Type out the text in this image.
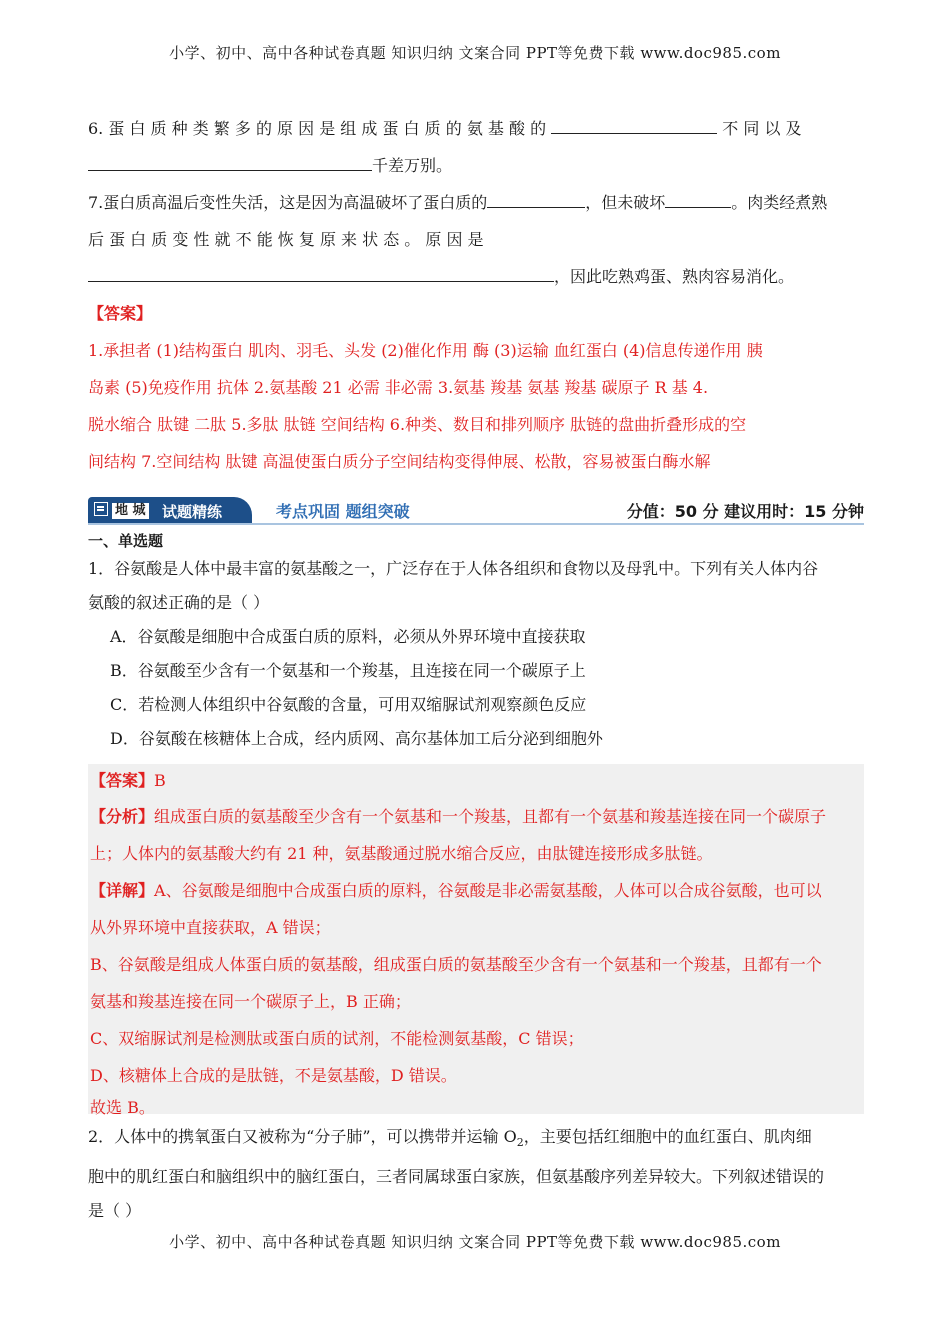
小学、初中、高中各种试卷真题 知识归纳 文案合同 PPT等免费下载 www.doc985.com
6. 蛋 白 质 种 类 繁 多 的 原 因 是 组 成 蛋 白 质 的 氨 基 酸 的	不 同 以 及
千差万别。
7.蛋白质高温后变性失活，这是因为高温破坏了蛋白质的	，但未破坏	。肉类经煮熟
后 蛋 白 质 变 性 就 不 能 恢 复 原 来 状 态 。 原 因 是
，因此吃熟鸡蛋、熟肉容易消化。
【答案】
1.承担者 (1)结构蛋白 肌肉、羽毛、头发 (2)催化作用 酶 (3)运输 血红蛋白 (4)信息传递作用 胰
岛素 (5)免疫作用 抗体 2.氨基酸 21 必需 非必需 3.氨基 羧基 氨基 羧基 碳原子 R 基 4.
脱水缩合 肽键 二肽 5.多肽 肽链 空间结构 6.种类、数目和排列顺序 肽链的盘曲折叠形成的空
间结构 7.空间结构 肽键 高温使蛋白质分子空间结构变得伸展、松散，容易被蛋白酶水解
地 城 试题精练	考点巩固 题组突破	分值：50 分 建议用时：15 分钟
一、单选题
1．谷氨酸是人体中最丰富的氨基酸之一，广泛存在于人体各组织和食物以及母乳中。下列有关人体内谷
氨酸的叙述正确的是（ ）
A．谷氨酸是细胞中合成蛋白质的原料，必须从外界环境中直接获取
B．谷氨酸至少含有一个氨基和一个羧基，且连接在同一个碳原子上
C．若检测人体组织中谷氨酸的含量，可用双缩脲试剂观察颜色反应
D．谷氨酸在核糖体上合成，经内质网、高尔基体加工后分泌到细胞外
【答案】B
【分析】组成蛋白质的氨基酸至少含有一个氨基和一个羧基，且都有一个氨基和羧基连接在同一个碳原子
上；人体内的氨基酸大约有 21 种，氨基酸通过脱水缩合反应，由肽键连接形成多肽链。
【详解】A、谷氨酸是细胞中合成蛋白质的原料，谷氨酸是非必需氨基酸，人体可以合成谷氨酸，也可以
从外界环境中直接获取，A 错误；
B、谷氨酸是组成人体蛋白质的氨基酸，组成蛋白质的氨基酸至少含有一个氨基和一个羧基，且都有一个
氨基和羧基连接在同一个碳原子上，B 正确；
C、双缩脲试剂是检测肽或蛋白质的试剂，不能检测氨基酸，C 错误；
D、核糖体上合成的是肽链，不是氨基酸，D 错误。
故选 B。
2．人体中的携氧蛋白又被称为“分子肺”，可以携带并运输 $O_2$，主要包括红细胞中的血红蛋白、肌肉细
胞中的肌红蛋白和脑组织中的脑红蛋白，三者同属球蛋白家族，但氨基酸序列差异较大。下列叙述错误的
是（ ）
小学、初中、高中各种试卷真题 知识归纳 文案合同 PPT等免费下载 www.doc985.com
